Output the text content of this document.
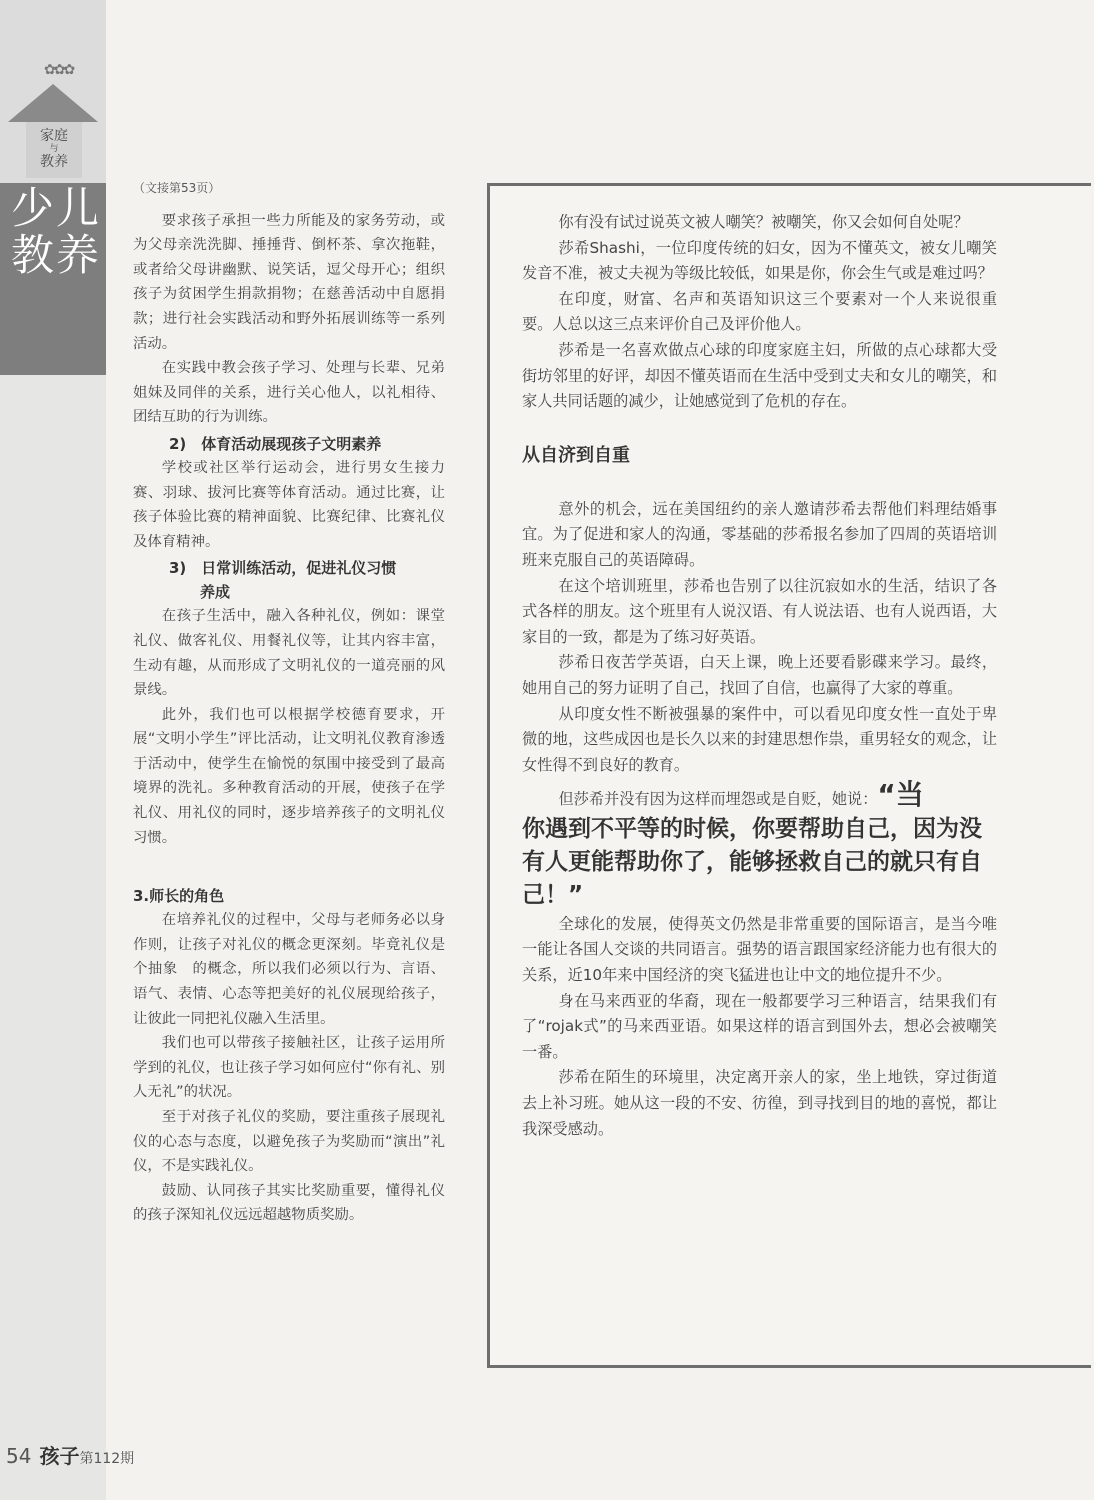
✿✿✿
家庭
与
教养
少儿
教养

（文接第53页）

要求孩子承担一些力所能及的家务劳动，或为父母亲洗洗脚、捶捶背、倒杯茶、拿次拖鞋，或者给父母讲幽默、说笑话，逗父母开心；组织孩子为贫困学生捐款捐物；在慈善活动中自愿捐款；进行社会实践活动和野外拓展训练等一系列活动。

在实践中教会孩子学习、处理与长辈、兄弟姐妹及同伴的关系，进行关心他人，以礼相待、团结互助的行为训练。

2)　体育活动展现孩子文明素养

学校或社区举行运动会，进行男女生接力赛、羽球、拔河比赛等体育活动。通过比赛，让孩子体验比赛的精神面貌、比赛纪律、比赛礼仪及体育精神。

3)　日常训练活动，促进礼仪习惯
养成

在孩子生活中，融入各种礼仪，例如：课堂礼仪、做客礼仪、用餐礼仪等，让其内容丰富，生动有趣，从而形成了文明礼仪的一道亮丽的风景线。

此外，我们也可以根据学校德育要求，开展“文明小学生”评比活动，让文明礼仪教育渗透于活动中，使学生在愉悦的氛围中接受到了最高境界的洗礼。多种教育活动的开展，使孩子在学礼仪、用礼仪的同时，逐步培养孩子的文明礼仪习惯。

3.师长的角色

在培养礼仪的过程中，父母与老师务必以身作则，让孩子对礼仪的概念更深刻。毕竟礼仪是个抽象　的概念，所以我们必须以行为、言语、语气、表情、心态等把美好的礼仪展现给孩子，让彼此一同把礼仪融入生活里。

我们也可以带孩子接触社区，让孩子运用所学到的礼仪，也让孩子学习如何应付“你有礼、别人无礼”的状况。

至于对孩子礼仪的奖励，要注重孩子展现礼仪的心态与态度，以避免孩子为奖励而“演出”礼仪，不是实践礼仪。

鼓励、认同孩子其实比奖励重要，懂得礼仪的孩子深知礼仪远远超越物质奖励。

你有没有试过说英文被人嘲笑？被嘲笑，你又会如何自处呢？

莎希Shashi，一位印度传统的妇女，因为不懂英文，被女儿嘲笑发音不准，被丈夫视为等级比较低，如果是你，你会生气或是难过吗？

在印度，财富、名声和英语知识这三个要素对一个人来说很重要。人总以这三点来评价自己及评价他人。

莎希是一名喜欢做点心球的印度家庭主妇，所做的点心球都大受街坊邻里的好评，却因不懂英语而在生活中受到丈夫和女儿的嘲笑，和家人共同话题的减少，让她感觉到了危机的存在。

从自济到自重

意外的机会，远在美国纽约的亲人邀请莎希去帮他们料理结婚事宜。为了促进和家人的沟通，零基础的莎希报名参加了四周的英语培训班来克服自己的英语障碍。

在这个培训班里，莎希也告别了以往沉寂如水的生活，结识了各式各样的朋友。这个班里有人说汉语、有人说法语、也有人说西语，大家目的一致，都是为了练习好英语。

莎希日夜苦学英语，白天上课，晚上还要看影碟来学习。最终，她用自己的努力证明了自己，找回了自信，也赢得了大家的尊重。

从印度女性不断被强暴的案件中，可以看见印度女性一直处于卑微的地，这些成因也是长久以来的封建思想作祟，重男轻女的观念，让女性得不到良好的教育。

但莎希并没有因为这样而埋怨或是自贬，她说：“当

你遇到不平等的时候，你要帮助自己，因为没有人更能帮助你了，能够拯救自己的就只有自己！”

全球化的发展，使得英文仍然是非常重要的国际语言，是当今唯一能让各国人交谈的共同语言。强势的语言跟国家经济能力也有很大的关系，近10年来中国经济的突飞猛进也让中文的地位提升不少。

身在马来西亚的华裔，现在一般都要学习三种语言，结果我们有了“rojak式”的马来西亚语。如果这样的语言到国外去，想必会被嘲笑一番。

莎希在陌生的环境里，决定离开亲人的家，坐上地铁，穿过街道去上补习班。她从这一段的不安、彷徨，到寻找到目的地的喜悦，都让我深受感动。

54 孩子第112期
